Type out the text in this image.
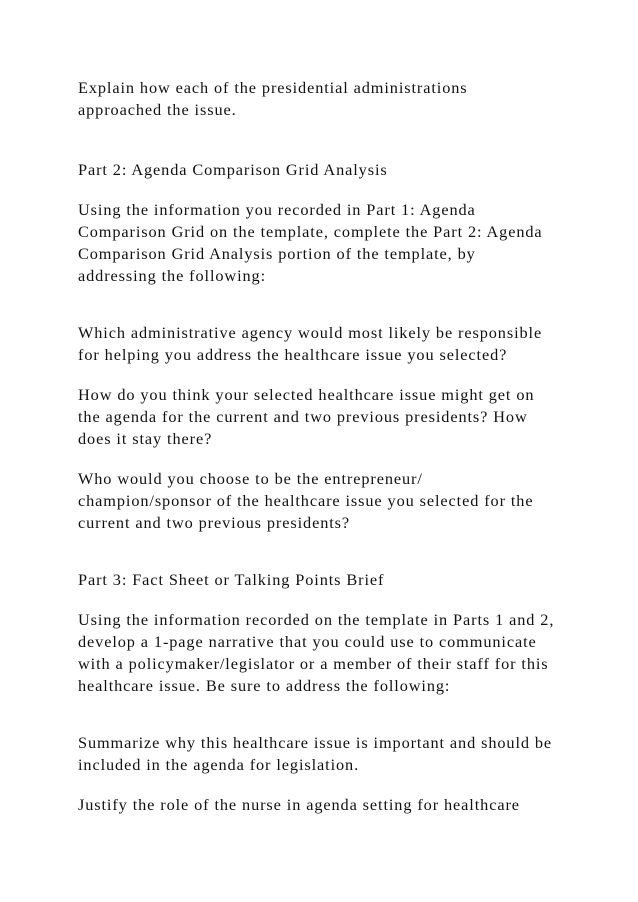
Explain how each of the presidential administrations

approached the issue.

Part 2: Agenda Comparison Grid Analysis

Using the information you recorded in Part 1: Agenda

Comparison Grid on the template, complete the Part 2: Agenda

Comparison Grid Analysis portion of the template, by

addressing the following:

Which administrative agency would most likely be responsible

for helping you address the healthcare issue you selected?

How do you think your selected healthcare issue might get on

the agenda for the current and two previous presidents? How

does it stay there?

Who would you choose to be the entrepreneur/

champion/sponsor of the healthcare issue you selected for the

current and two previous presidents?

Part 3: Fact Sheet or Talking Points Brief

Using the information recorded on the template in Parts 1 and 2,

develop a 1-page narrative that you could use to communicate

with a policymaker/legislator or a member of their staff for this

healthcare issue. Be sure to address the following:

Summarize why this healthcare issue is important and should be

included in the agenda for legislation.

Justify the role of the nurse in agenda setting for healthcare
